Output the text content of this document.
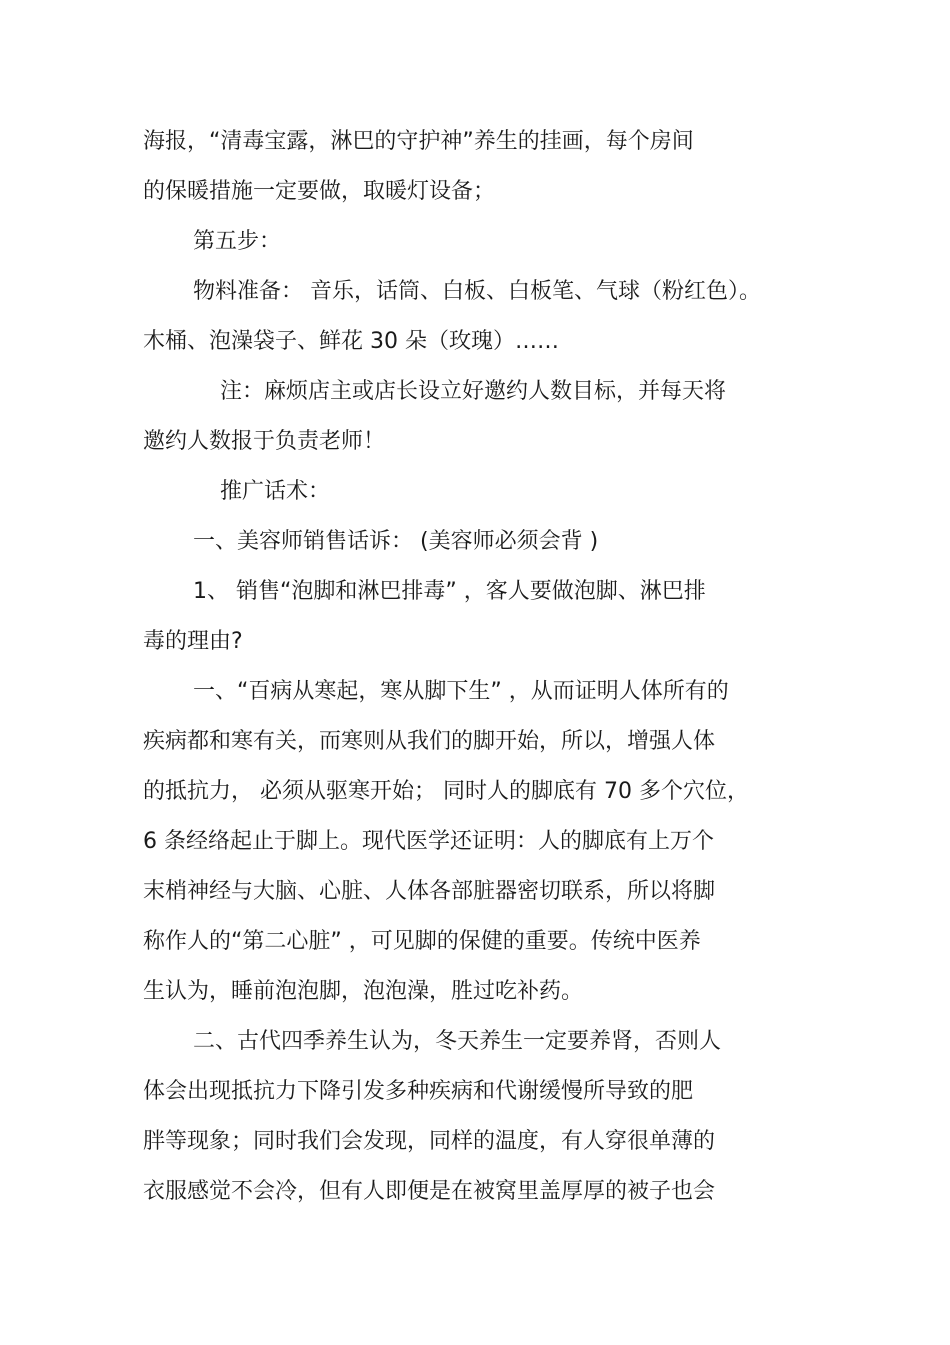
海报，“清毒宝露，淋巴的守护神”养生的挂画，每个房间
的保暖措施一定要做，取暖灯设备；
第五步：
物料准备： 音乐，话筒、白板、白板笔、气球（粉红色）。
木桶、泡澡袋子、鲜花 30 朵（玫瑰）……
注：麻烦店主或店长设立好邀约人数目标，并每天将
邀约人数报于负责老师！
推广话术：
一、美容师销售话诉： (美容师必须会背 )
1、 销售“泡脚和淋巴排毒” ，客人要做泡脚、淋巴排
毒的理由?
一、“百病从寒起，寒从脚下生” ，从而证明人体所有的
疾病都和寒有关，而寒则从我们的脚开始，所以，增强人体
的抵抗力， 必须从驱寒开始； 同时人的脚底有 70 多个穴位，
6 条经络起止于脚上。现代医学还证明：人的脚底有上万个
末梢神经与大脑、心脏、人体各部脏器密切联系，所以将脚
称作人的“第二心脏” ，可见脚的保健的重要。传统中医养
生认为，睡前泡泡脚，泡泡澡，胜过吃补药。
二、古代四季养生认为，冬天养生一定要养肾，否则人
体会出现抵抗力下降引发多种疾病和代谢缓慢所导致的肥
胖等现象；同时我们会发现，同样的温度，有人穿很单薄的
衣服感觉不会冷，但有人即便是在被窝里盖厚厚的被子也会
